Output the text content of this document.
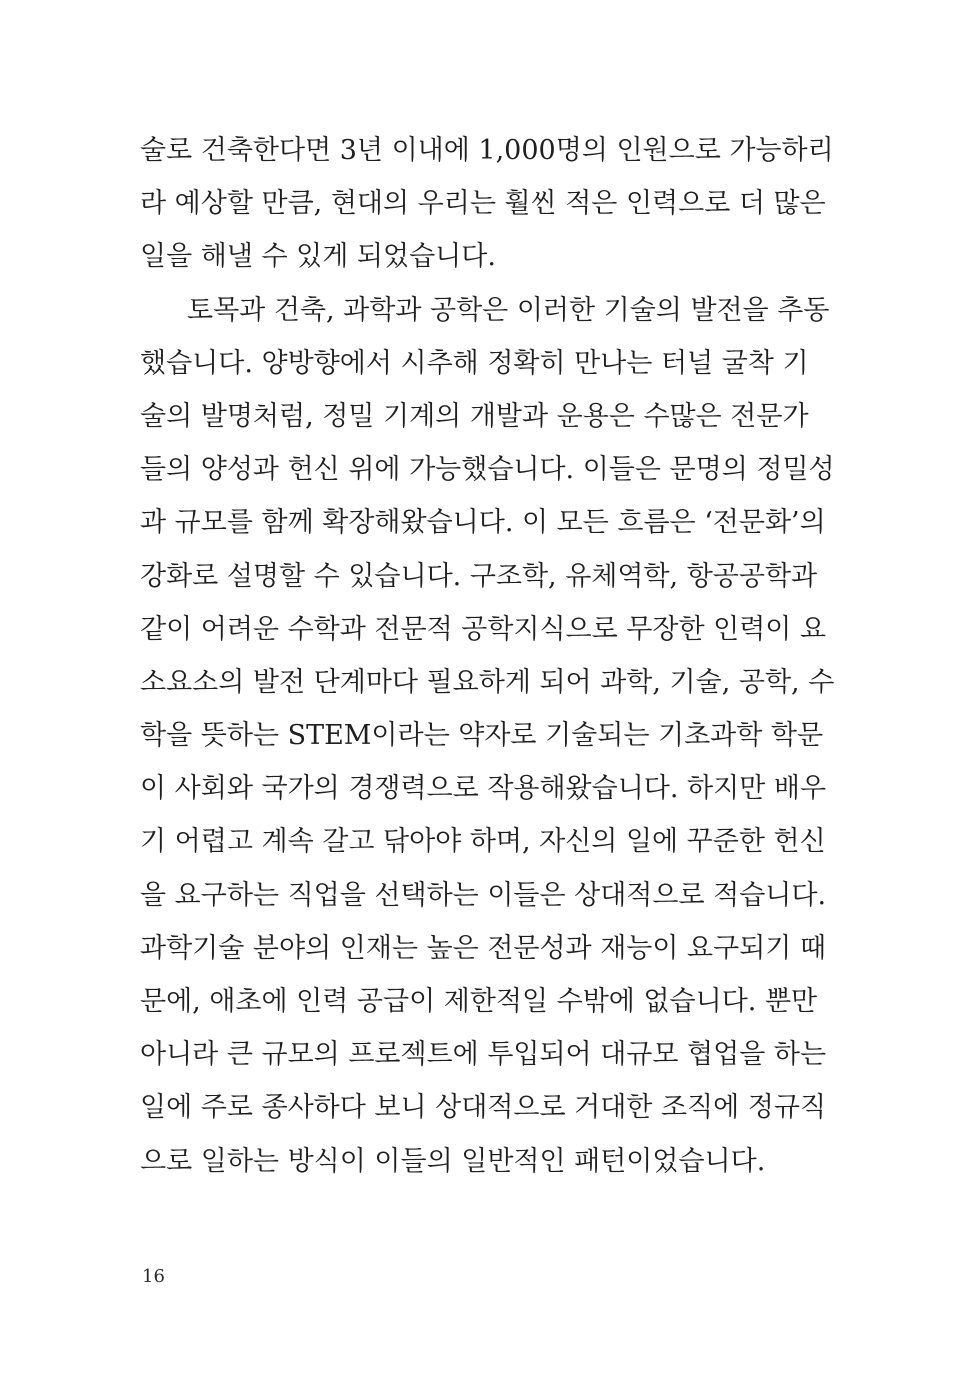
술로 건축한다면 3년 이내에 1,000명의 인원으로 가능하리
라 예상할 만큼, 현대의 우리는 훨씬 적은 인력으로 더 많은
일을 해낼 수 있게 되었습니다.
토목과 건축, 과학과 공학은 이러한 기술의 발전을 추동
했습니다. 양방향에서 시추해 정확히 만나는 터널 굴착 기
술의 발명처럼, 정밀 기계의 개발과 운용은 수많은 전문가
들의 양성과 헌신 위에 가능했습니다. 이들은 문명의 정밀성
과 규모를 함께 확장해왔습니다. 이 모든 흐름은 ‘전문화’의
강화로 설명할 수 있습니다. 구조학, 유체역학, 항공공학과
같이 어려운 수학과 전문적 공학지식으로 무장한 인력이 요
소요소의 발전 단계마다 필요하게 되어 과학, 기술, 공학, 수
학을 뜻하는 STEM이라는 약자로 기술되는 기초과학 학문
이 사회와 국가의 경쟁력으로 작용해왔습니다. 하지만 배우
기 어렵고 계속 갈고 닦아야 하며, 자신의 일에 꾸준한 헌신
을 요구하는 직업을 선택하는 이들은 상대적으로 적습니다.
과학기술 분야의 인재는 높은 전문성과 재능이 요구되기 때
문에, 애초에 인력 공급이 제한적일 수밖에 없습니다. 뿐만
아니라 큰 규모의 프로젝트에 투입되어 대규모 협업을 하는
일에 주로 종사하다 보니 상대적으로 거대한 조직에 정규직
으로 일하는 방식이 이들의 일반적인 패턴이었습니다.
16
